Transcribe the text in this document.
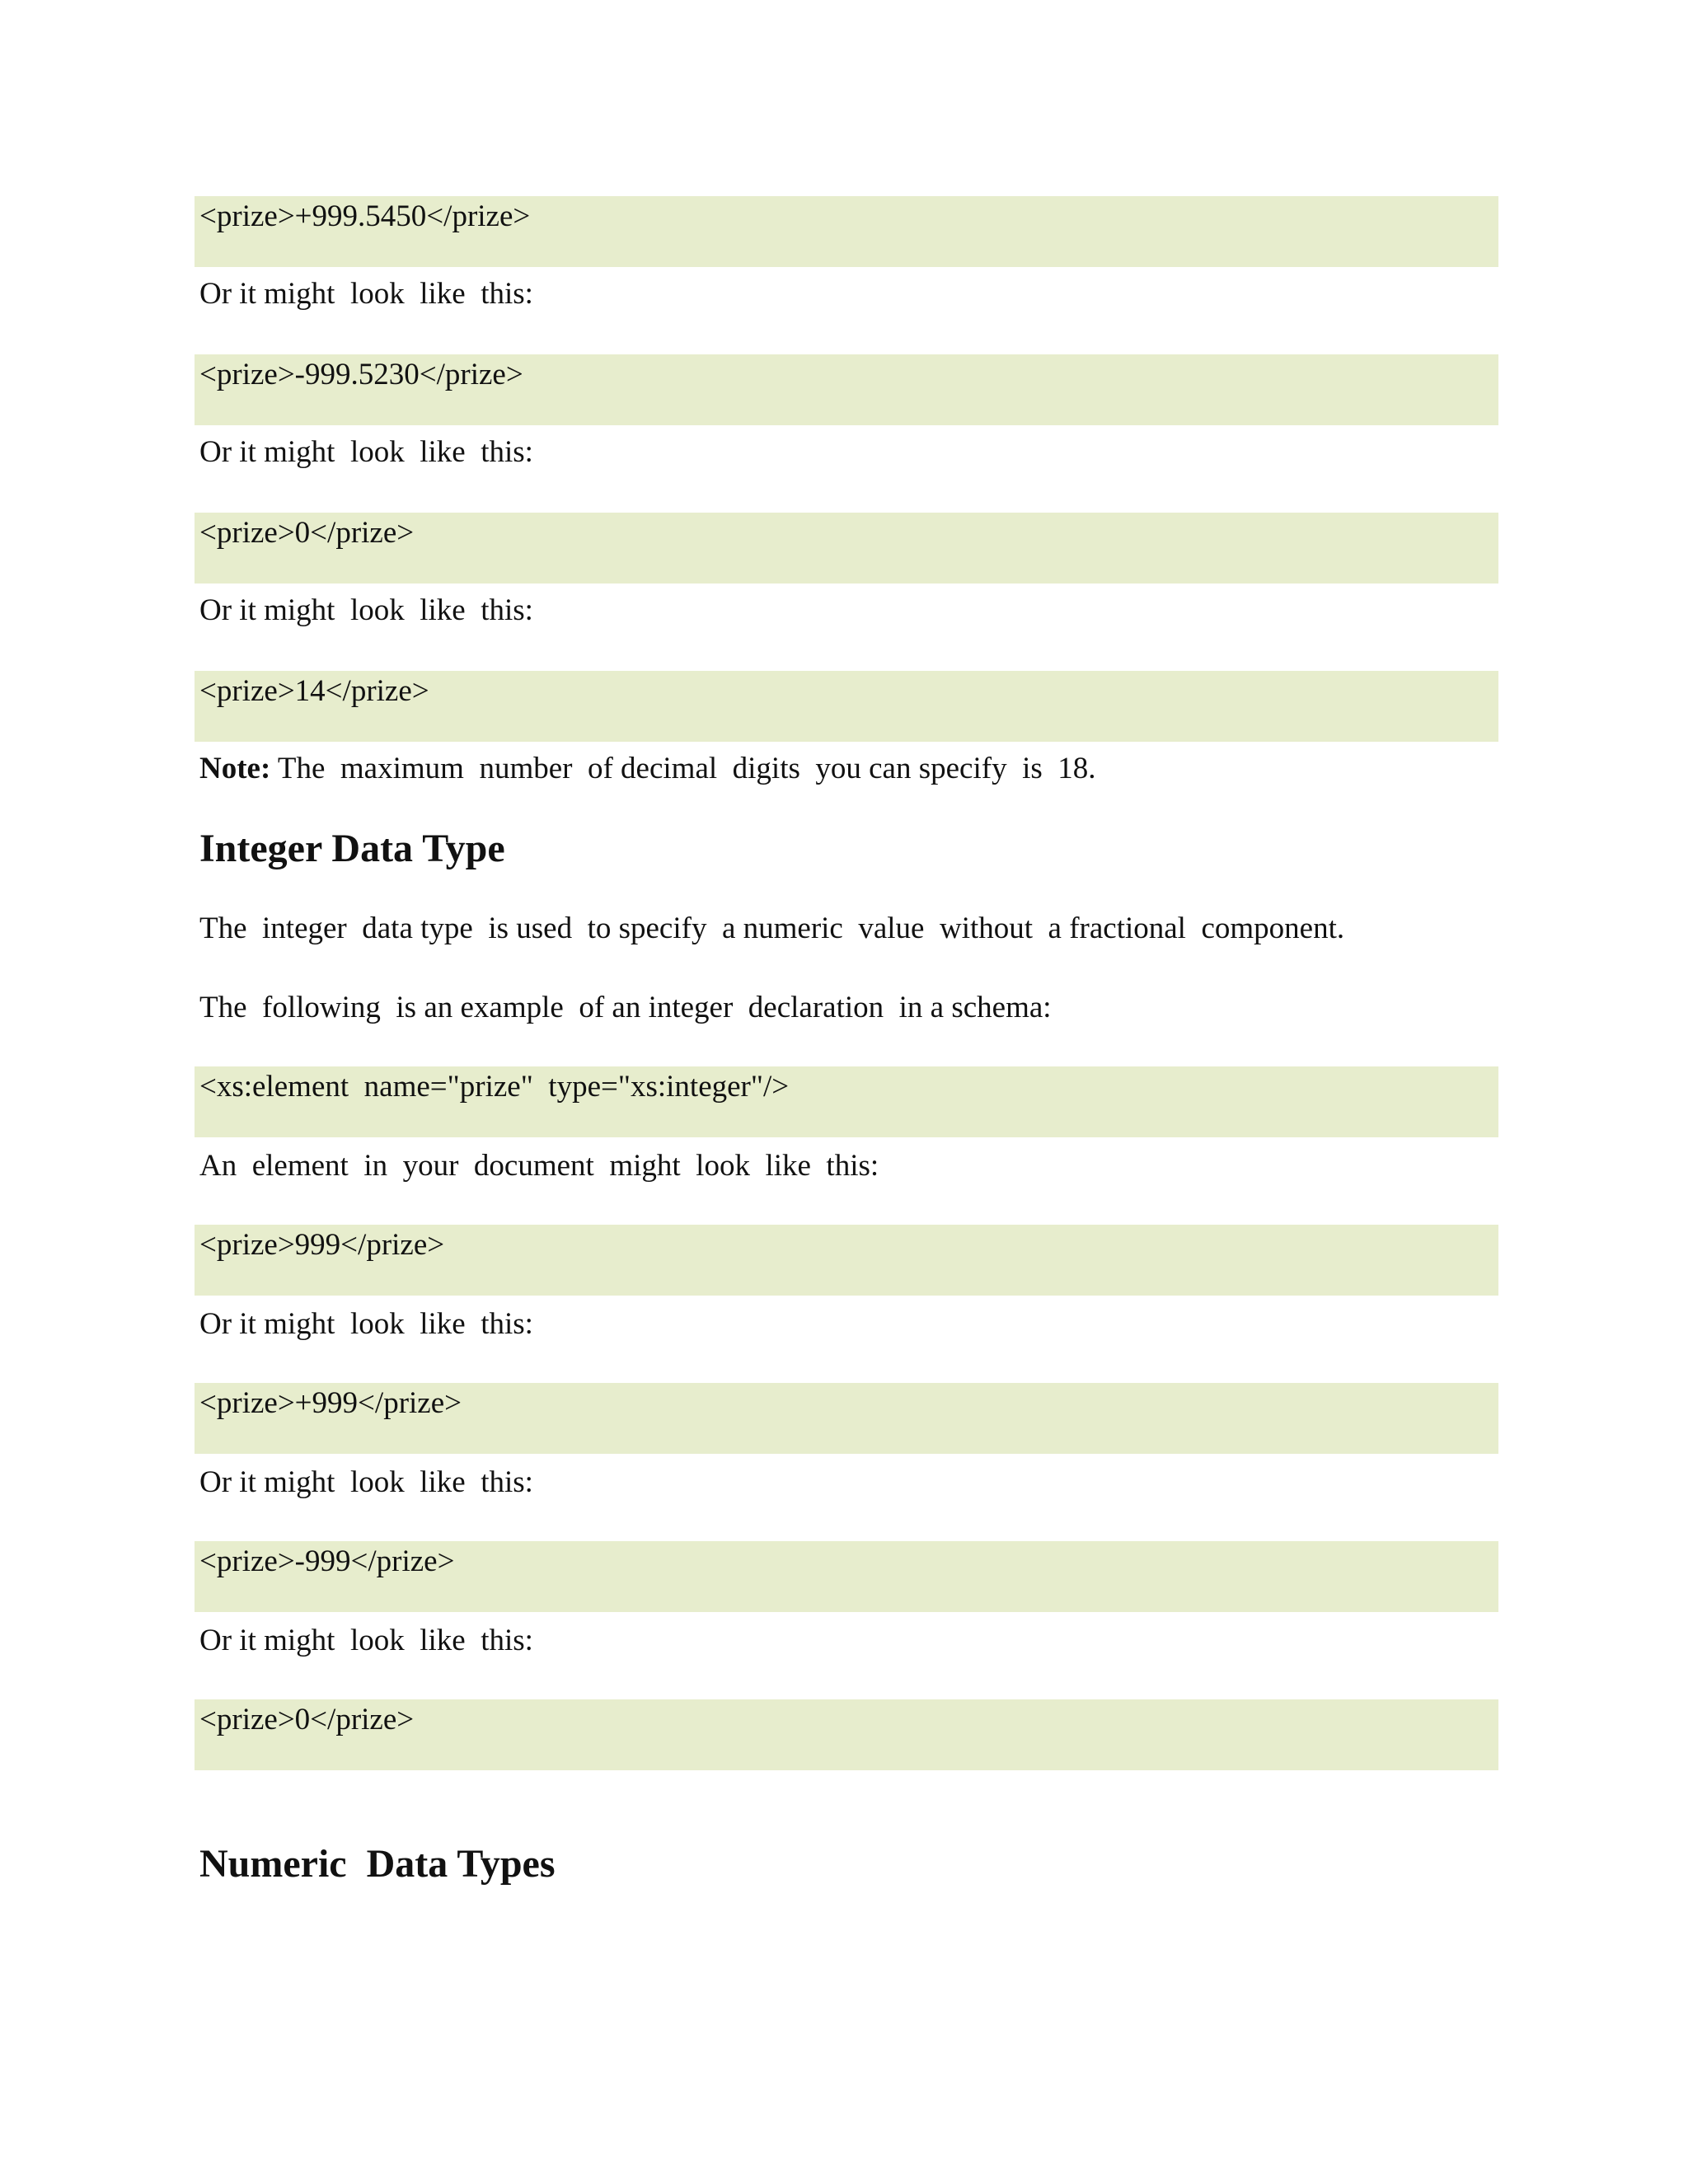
<prize>+999.5450</prize>
Or it might  look  like  this:
<prize>-999.5230</prize>
Or it might  look  like  this:
<prize>0</prize>
Or it might  look  like  this:
<prize>14</prize>
Note: The  maximum  number  of decimal  digits  you can specify  is  18.
Integer Data Type
The  integer  data type  is used  to specify  a numeric  value  without  a fractional  component.
The  following  is an example  of an integer  declaration  in a schema:
<xs:element  name="prize"  type="xs:integer"/>
An  element  in  your  document  might  look  like  this:
<prize>999</prize>
Or it might  look  like  this:
<prize>+999</prize>
Or it might  look  like  this:
<prize>-999</prize>
Or it might  look  like  this:
<prize>0</prize>
Numeric  Data Types
